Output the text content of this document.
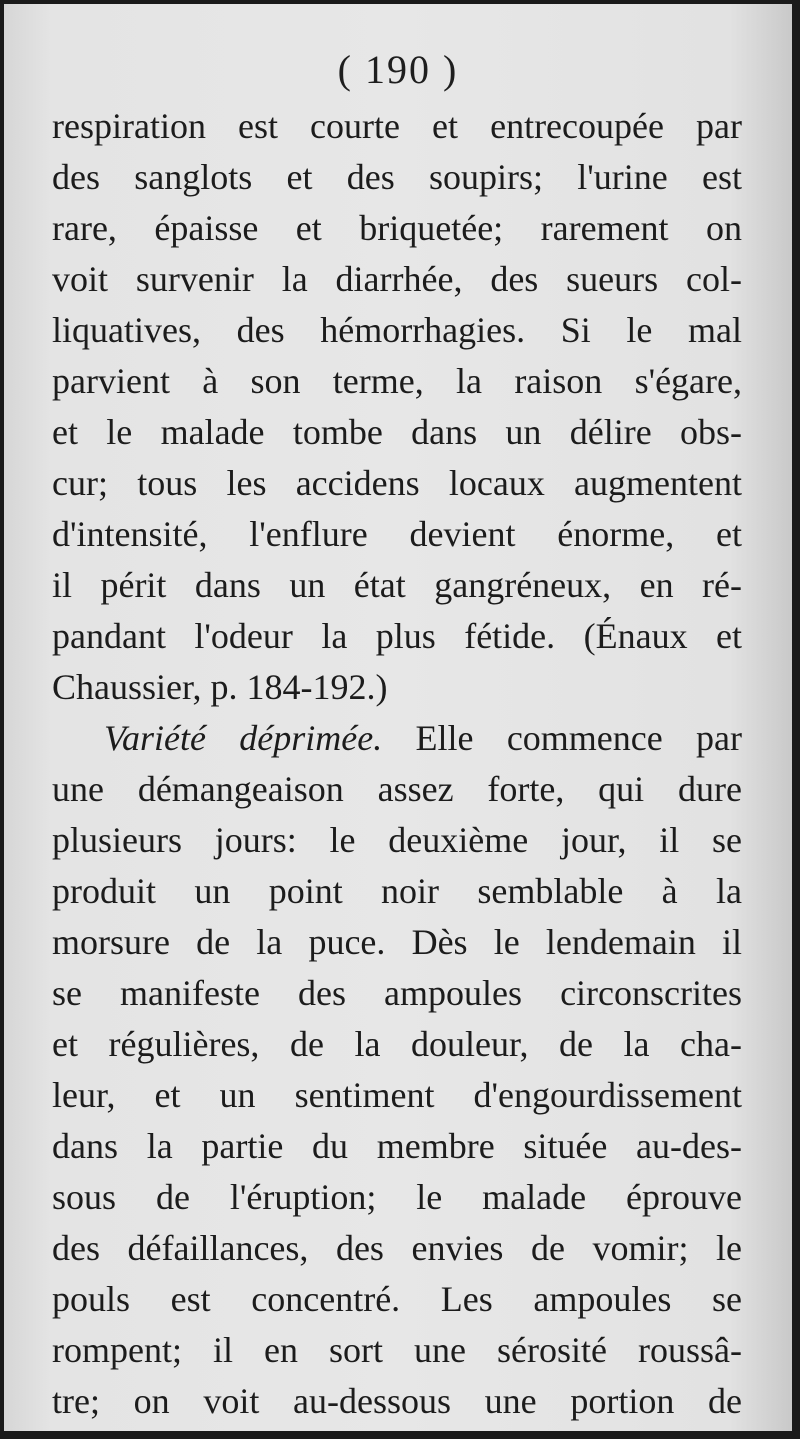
( 190 )
respiration est courte et entrecoupée par
des sanglots et des soupirs; l'urine est
rare, épaisse et briquetée; rarement on
voit survenir la diarrhée, des sueurs col-
liquatives, des hémorrhagies. Si le mal
parvient à son terme, la raison s'égare,
et le malade tombe dans un délire obs-
cur; tous les accidens locaux augmentent
d'intensité, l'enflure devient énorme, et
il périt dans un état gangréneux, en ré-
pandant l'odeur la plus fétide. (Énaux et
Chaussier, p. 184-192.)
Variété déprimée. Elle commence par
une démangeaison assez forte, qui dure
plusieurs jours: le deuxième jour, il se
produit un point noir semblable à la
morsure de la puce. Dès le lendemain il
se manifeste des ampoules circonscrites
et régulières, de la douleur, de la cha-
leur, et un sentiment d'engourdissement
dans la partie du membre située au-des-
sous de l'éruption; le malade éprouve
des défaillances, des envies de vomir; le
pouls est concentré. Les ampoules se
rompent; il en sort une sérosité roussâ-
tre; on voit au-dessous une portion de
